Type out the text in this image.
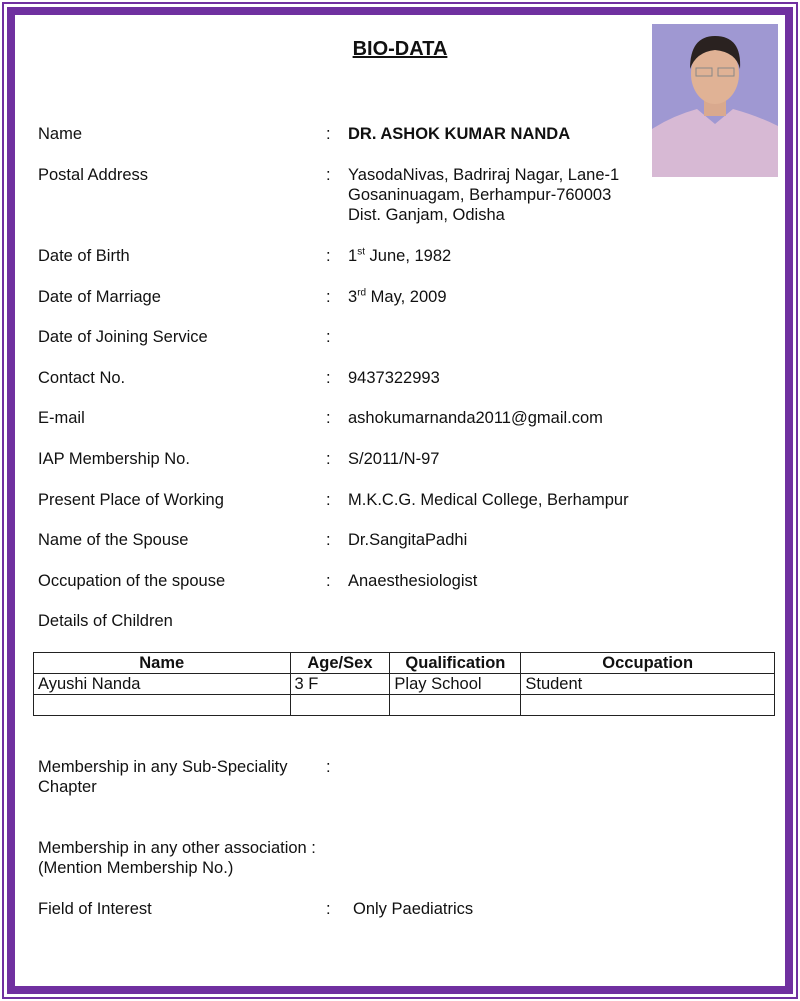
BIO-DATA
Name	: DR. ASHOK KUMAR NANDA
Postal Address	: YasodaNivas, Badriraj Nagar, Lane-1
Gosaninuagam, Berhampur-760003
Dist. Ganjam, Odisha
Date of Birth	: 1st June, 1982
Date of Marriage	: 3rd May, 2009
Date of Joining Service	:
Contact No.	: 9437322993
E-mail	: ashokumarnanda2011@gmail.com
IAP Membership No.	: S/2011/N-97
Present Place of Working	: M.K.C.G. Medical College, Berhampur
Name of the Spouse	: Dr.SangitaPadhi
Occupation of the spouse	: Anaesthesiologist
Details of Children
Name	Age/Sex	Qualification	Occupation
Ayushi Nanda	3 F	Play School	Student

Membership in any Sub-Speciality
Chapter
:
Membership in any other association :
(Mention Membership No.)
Field of Interest	: Only Paediatrics
